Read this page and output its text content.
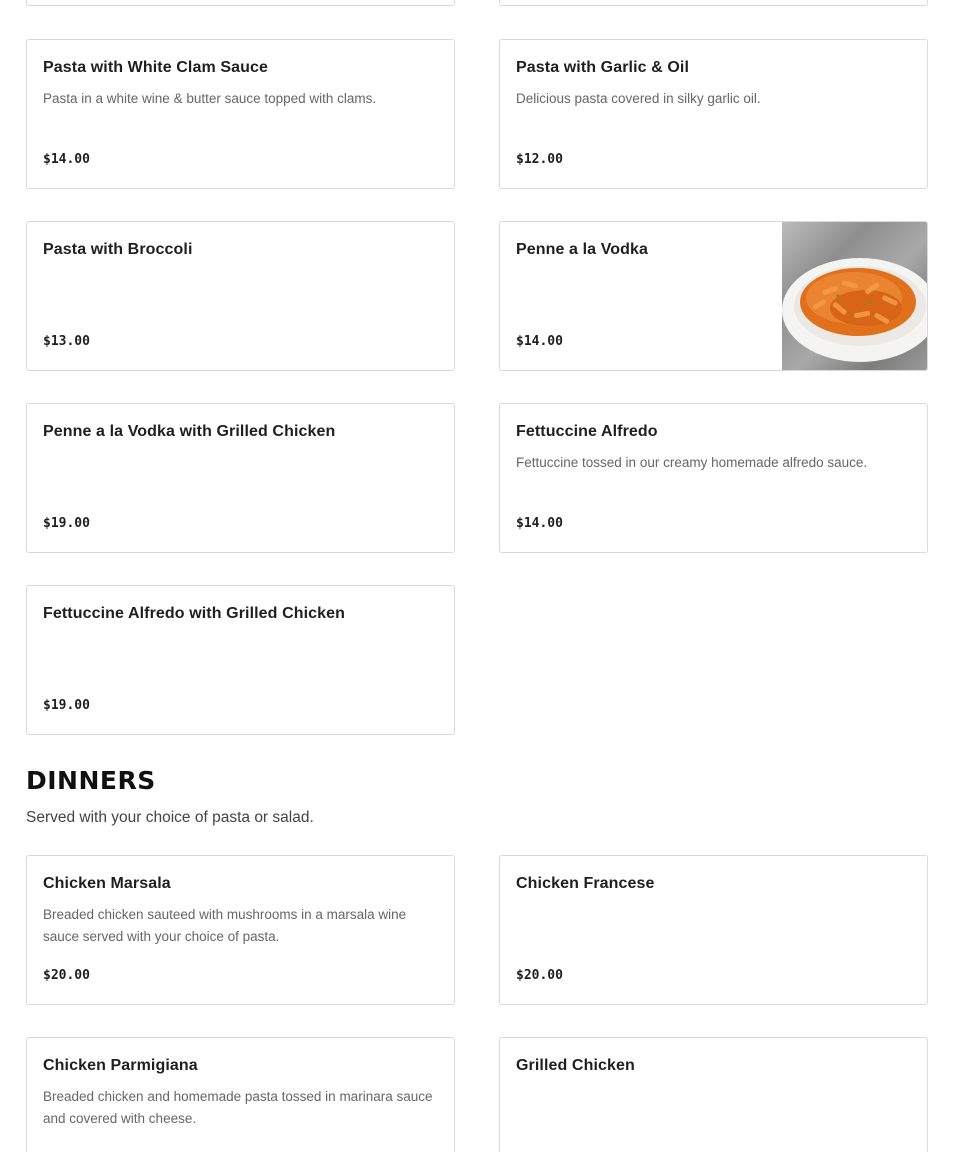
Pasta with White Clam Sauce
Pasta in a white wine & butter sauce topped with clams.
$14.00
Pasta with Garlic & Oil
Delicious pasta covered in silky garlic oil.
$12.00
Pasta with Broccoli
$13.00
Penne a la Vodka
$14.00
Penne a la Vodka with Grilled Chicken
$19.00
Fettuccine Alfredo
Fettuccine tossed in our creamy homemade alfredo sauce.
$14.00
Fettuccine Alfredo with Grilled Chicken
$19.00
DINNERS

Served with your choice of pasta or salad.

Chicken Marsala
Breaded chicken sauteed with mushrooms in a marsala wine sauce served with your choice of pasta.
$20.00
Chicken Francese
$20.00
Chicken Parmigiana
Breaded chicken and homemade pasta tossed in marinara sauce and covered with cheese.
Grilled Chicken
